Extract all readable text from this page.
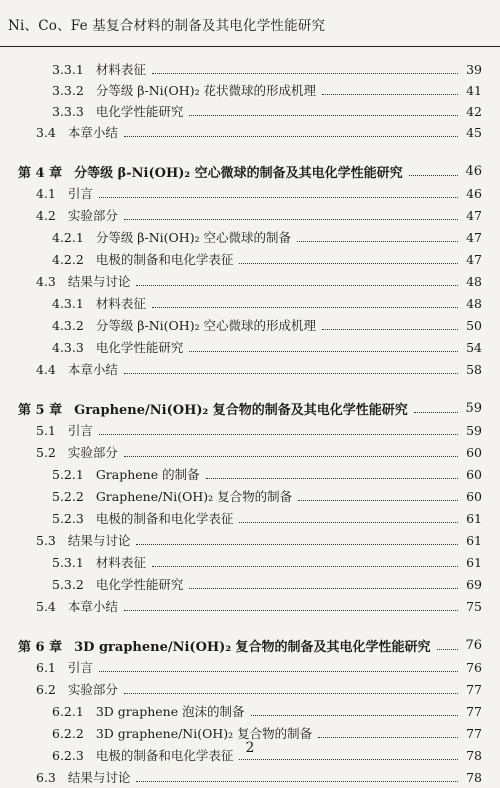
Ni、Co、Fe 基复合材料的制备及其电化学性能研究
3.3.1 材料表征	39
3.3.2 分等级 β-Ni(OH)₂ 花状微球的形成机理	41
3.3.3 电化学性能研究	42
3.4 本章小结	45
第 4 章 分等级 β-Ni(OH)₂ 空心微球的制备及其电化学性能研究	46
4.1 引言	46
4.2 实验部分	47
4.2.1 分等级 β-Ni(OH)₂ 空心微球的制备	47
4.2.2 电极的制备和电化学表征	47
4.3 结果与讨论	48
4.3.1 材料表征	48
4.3.2 分等级 β-Ni(OH)₂ 空心微球的形成机理	50
4.3.3 电化学性能研究	54
4.4 本章小结	58
第 5 章 Graphene/Ni(OH)₂ 复合物的制备及其电化学性能研究	59
5.1 引言	59
5.2 实验部分	60
5.2.1 Graphene 的制备	60
5.2.2 Graphene/Ni(OH)₂ 复合物的制备	60
5.2.3 电极的制备和电化学表征	61
5.3 结果与讨论	61
5.3.1 材料表征	61
5.3.2 电化学性能研究	69
5.4 本章小结	75
第 6 章 3D graphene/Ni(OH)₂ 复合物的制备及其电化学性能研究	76
6.1 引言	76
6.2 实验部分	77
6.2.1 3D graphene 泡沫的制备	77
6.2.2 3D graphene/Ni(OH)₂ 复合物的制备	77
6.2.3 电极的制备和电化学表征	78
6.3 结果与讨论	78
2
